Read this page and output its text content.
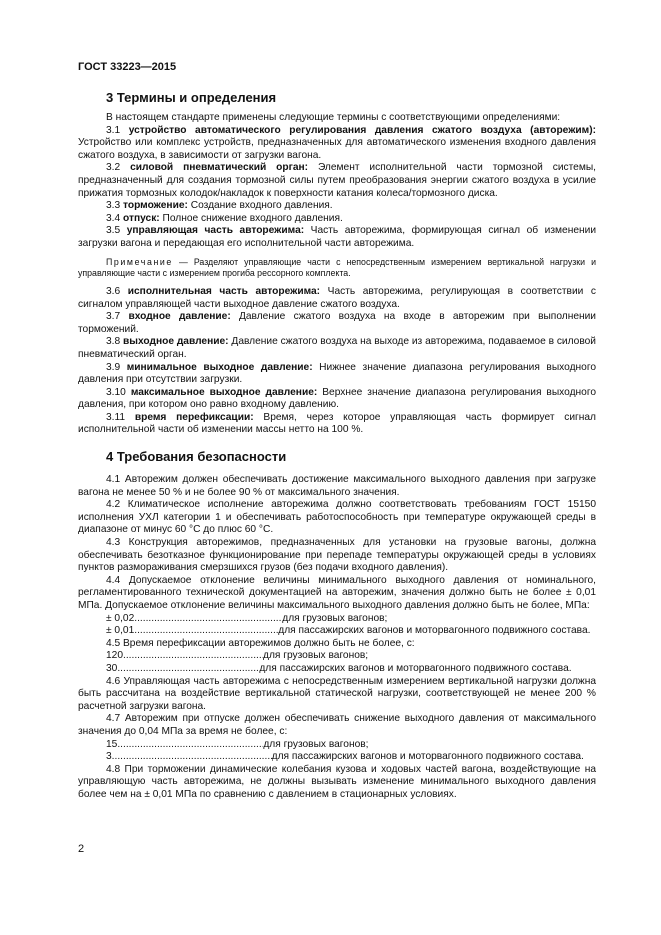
ГОСТ 33223—2015
3 Термины и определения

В настоящем стандарте применены следующие термины с соответствующими определениями:

3.1 устройство автоматического регулирования давления сжатого воздуха (авторежим): Устройство или комплекс устройств, предназначенных для автоматического изменения входного давления сжатого воздуха, в зависимости от загрузки вагона.

3.2 силовой пневматический орган: Элемент исполнительной части тормозной системы, предназначенный для создания тормозной силы путем преобразования энергии сжатого воздуха в усилие прижатия тормозных колодок/накладок к поверхности катания колеса/тормозного диска.

3.3 торможение: Создание входного давления.

3.4 отпуск: Полное снижение входного давления.

3.5 управляющая часть авторежима: Часть авторежима, формирующая сигнал об изменении загрузки вагона и передающая его исполнительной части авторежима.

Примечание — Разделяют управляющие части с непосредственным измерением вертикальной нагрузки и управляющие части с измерением прогиба рессорного комплекта.

3.6 исполнительная часть авторежима: Часть авторежима, регулирующая в соответствии с сигналом управляющей части выходное давление сжатого воздуха.

3.7 входное давление: Давление сжатого воздуха на входе в авторежим при выполнении торможений.

3.8 выходное давление: Давление сжатого воздуха на выходе из авторежима, подаваемое в силовой пневматический орган.

3.9 минимальное выходное давление: Нижнее значение диапазона регулирования выходного давления при отсутствии загрузки.

3.10 максимальное выходное давление: Верхнее значение диапазона регулирования выходного давления, при котором оно равно входному давлению.

3.11 время перефиксации: Время, через которое управляющая часть формирует сигнал исполнительной части об изменении массы нетто на 100 %.

4 Требования безопасности

4.1 Авторежим должен обеспечивать достижение максимального выходного давления при загрузке вагона не менее 50 % и не более 90 % от максимального значения.

4.2 Климатическое исполнение авторежима должно соответствовать требованиям ГОСТ 15150 исполнения УХЛ категории 1 и обеспечивать работоспособность при температуре окружающей среды в диапазоне от минус 60 °С до плюс 60 °С.

4.3 Конструкция авторежимов, предназначенных для установки на грузовые вагоны, должна обеспечивать безотказное функционирование при перепаде температуры окружающей среды в условиях пунктов размораживания смерзшихся грузов (без подачи входного давления).

4.4 Допускаемое отклонение величины минимального выходного давления от номинального, регламентированного технической документацией на авторежим, значения должно быть не более ± 0,01 МПа. Допускаемое отклонение величины максимального выходного давления должно быть не более, МПа:

± 0,02 .....	для грузовых вагонов;
± 0,01 .....	для пассажирских вагонов и моторвагонного подвижного состава.

4.5 Время перефиксации авторежимов должно быть не более, с:

120 .....	для грузовых вагонов;
30 .....	для пассажирских вагонов и моторвагонного подвижного состава.

4.6 Управляющая часть авторежима с непосредственным измерением вертикальной нагрузки должна быть рассчитана на воздействие вертикальной статической нагрузки, соответствующей не менее 200 % расчетной загрузки вагона.

4.7 Авторежим при отпуске должен обеспечивать снижение выходного давления от максимального значения до 0,04 МПа за время не более, с:

15 .....	для грузовых вагонов;
3 .....	для пассажирских вагонов и моторвагонного подвижного состава.

4.8 При торможении динамические колебания кузова и ходовых частей вагона, воздействующие на управляющую часть авторежима, не должны вызывать изменение минимального выходного давления более чем на ± 0,01 МПа по сравнению с давлением в стационарных условиях.

2
